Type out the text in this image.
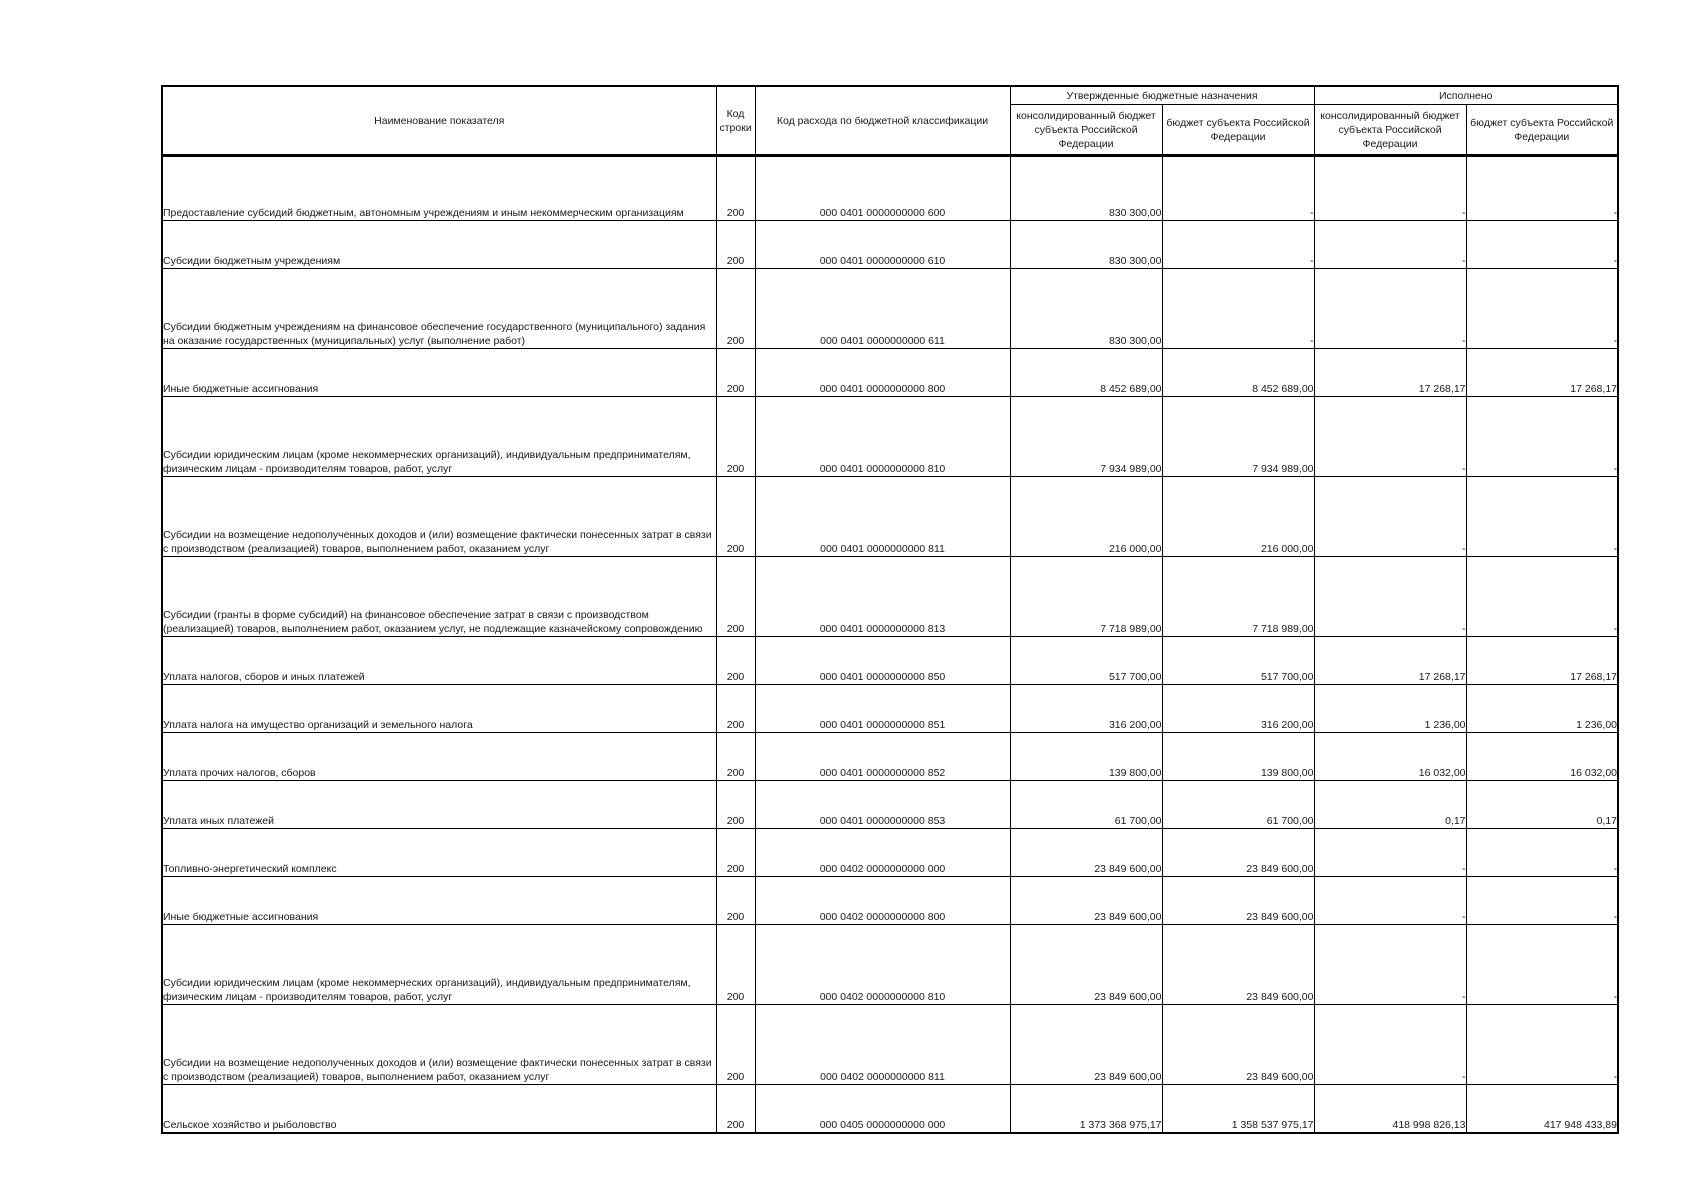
Наименование показателя	Код строки	Код расхода по бюджетной классификации	Утвержденные бюджетные назначения		Исполнено	
			консолидированный бюджет субъекта Российской Федерации	бюджет субъекта Российской Федерации	консолидированный бюджет субъекта Российской Федерации	бюджет субъекта Российской Федерации
Предоставление субсидий бюджетным, автономным учреждениям и иным некоммерческим организациям	200	000 0401 0000000000 600	830 300,00	-	-	-
Субсидии бюджетным учреждениям	200	000 0401 0000000000 610	830 300,00	-	-	-
Субсидии бюджетным учреждениям на финансовое обеспечение государственного (муниципального) задания на оказание государственных (муниципальных) услуг (выполнение работ)	200	000 0401 0000000000 611	830 300,00	-	-	-
Иные бюджетные ассигнования	200	000 0401 0000000000 800	8 452 689,00	8 452 689,00	17 268,17	17 268,17
Субсидии юридическим лицам (кроме некоммерческих организаций), индивидуальным предпринимателям, физическим лицам - производителям товаров, работ, услуг	200	000 0401 0000000000 810	7 934 989,00	7 934 989,00	-	-
Субсидии на возмещение недополученных доходов и (или) возмещение фактически понесенных затрат в связи с производством (реализацией) товаров, выполнением работ, оказанием услуг	200	000 0401 0000000000 811	216 000,00	216 000,00	-	-
Субсидии (гранты в форме субсидий) на финансовое обеспечение затрат в связи с производством (реализацией) товаров, выполнением работ, оказанием услуг, не подлежащие казначейскому сопровождению	200	000 0401 0000000000 813	7 718 989,00	7 718 989,00	-	-
Уплата налогов, сборов и иных платежей	200	000 0401 0000000000 850	517 700,00	517 700,00	17 268,17	17 268,17
Уплата налога на имущество организаций и земельного налога	200	000 0401 0000000000 851	316 200,00	316 200,00	1 236,00	1 236,00
Уплата прочих налогов, сборов	200	000 0401 0000000000 852	139 800,00	139 800,00	16 032,00	16 032,00
Уплата иных платежей	200	000 0401 0000000000 853	61 700,00	61 700,00	0,17	0,17
Топливно-энергетический комплекс	200	000 0402 0000000000 000	23 849 600,00	23 849 600,00	-	-
Иные бюджетные ассигнования	200	000 0402 0000000000 800	23 849 600,00	23 849 600,00	-	-
Субсидии юридическим лицам (кроме некоммерческих организаций), индивидуальным предпринимателям, физическим лицам - производителям товаров, работ, услуг	200	000 0402 0000000000 810	23 849 600,00	23 849 600,00	-	-
Субсидии на возмещение недополученных доходов и (или) возмещение фактически понесенных затрат в связи с производством (реализацией) товаров, выполнением работ, оказанием услуг	200	000 0402 0000000000 811	23 849 600,00	23 849 600,00	-	-
Сельское хозяйство и рыболовство	200	000 0405 0000000000 000	1 373 368 975,17	1 358 537 975,17	418 998 826,13	417 948 433,89
